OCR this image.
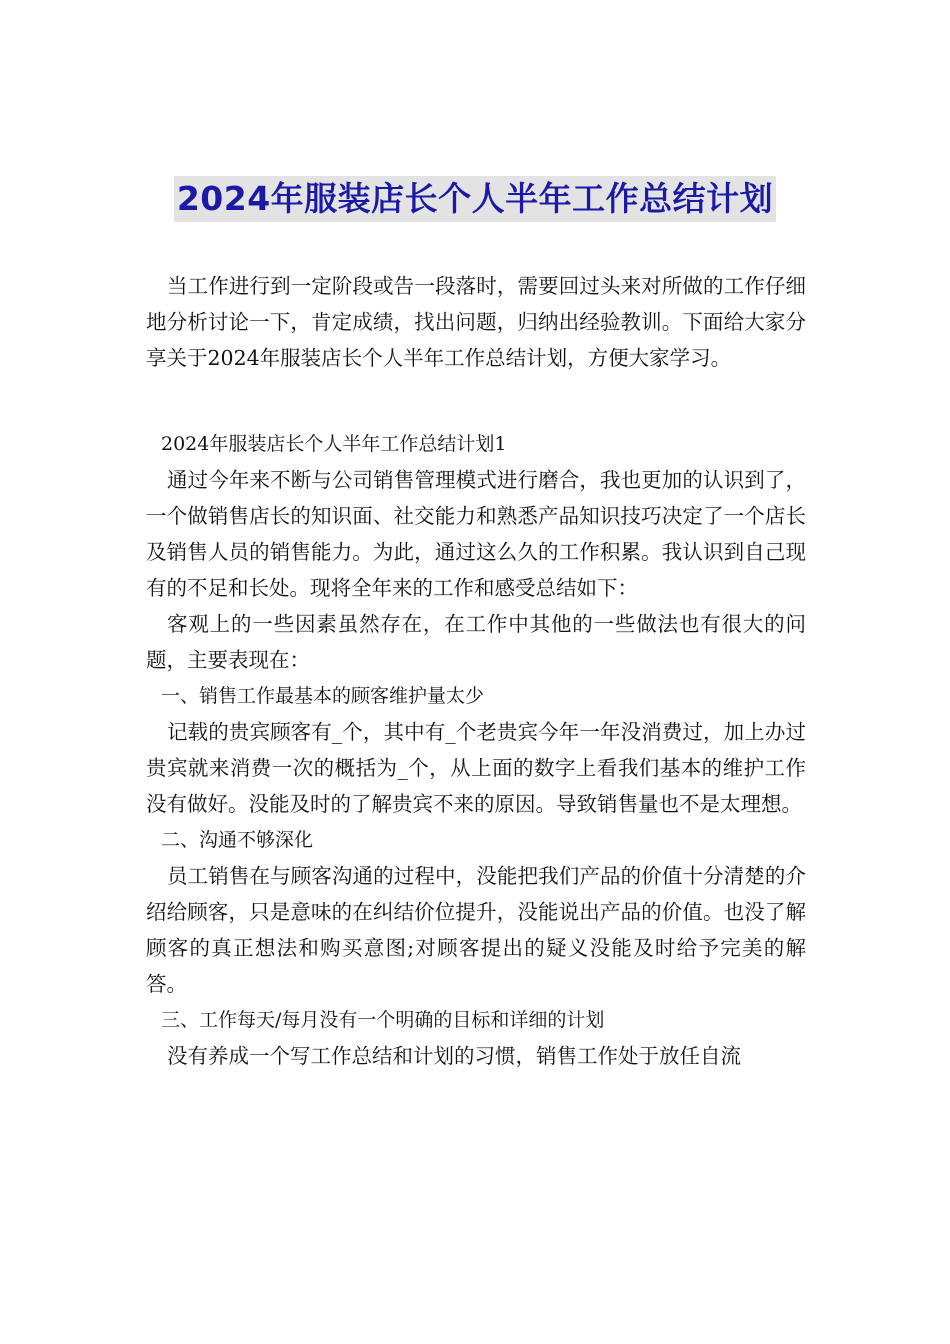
2024年服装店长个人半年工作总结计划

当工作进行到一定阶段或告一段落时，需要回过头来对所做的工作仔细地分析讨论一下，肯定成绩，找出问题，归纳出经验教训。下面给大家分享关于2024年服装店长个人半年工作总结计划，方便大家学习。

2024年服装店长个人半年工作总结计划1

通过今年来不断与公司销售管理模式进行磨合，我也更加的认识到了，一个做销售店长的知识面、社交能力和熟悉产品知识技巧决定了一个店长及销售人员的销售能力。为此，通过这么久的工作积累。我认识到自己现有的不足和长处。现将全年来的工作和感受总结如下：

客观上的一些因素虽然存在，在工作中其他的一些做法也有很大的问题，主要表现在：

一、销售工作最基本的顾客维护量太少

记载的贵宾顾客有_个，其中有_个老贵宾今年一年没消费过，加上办过贵宾就来消费一次的概括为_个，从上面的数字上看我们基本的维护工作没有做好。没能及时的了解贵宾不来的原因。导致销售量也不是太理想。

二、沟通不够深化

员工销售在与顾客沟通的过程中，没能把我们产品的价值十分清楚的介绍给顾客，只是意味的在纠结价位提升，没能说出产品的价值。也没了解顾客的真正想法和购买意图;对顾客提出的疑义没能及时给予完美的解答。

三、工作每天/每月没有一个明确的目标和详细的计划

没有养成一个写工作总结和计划的习惯，销售工作处于放任自流
